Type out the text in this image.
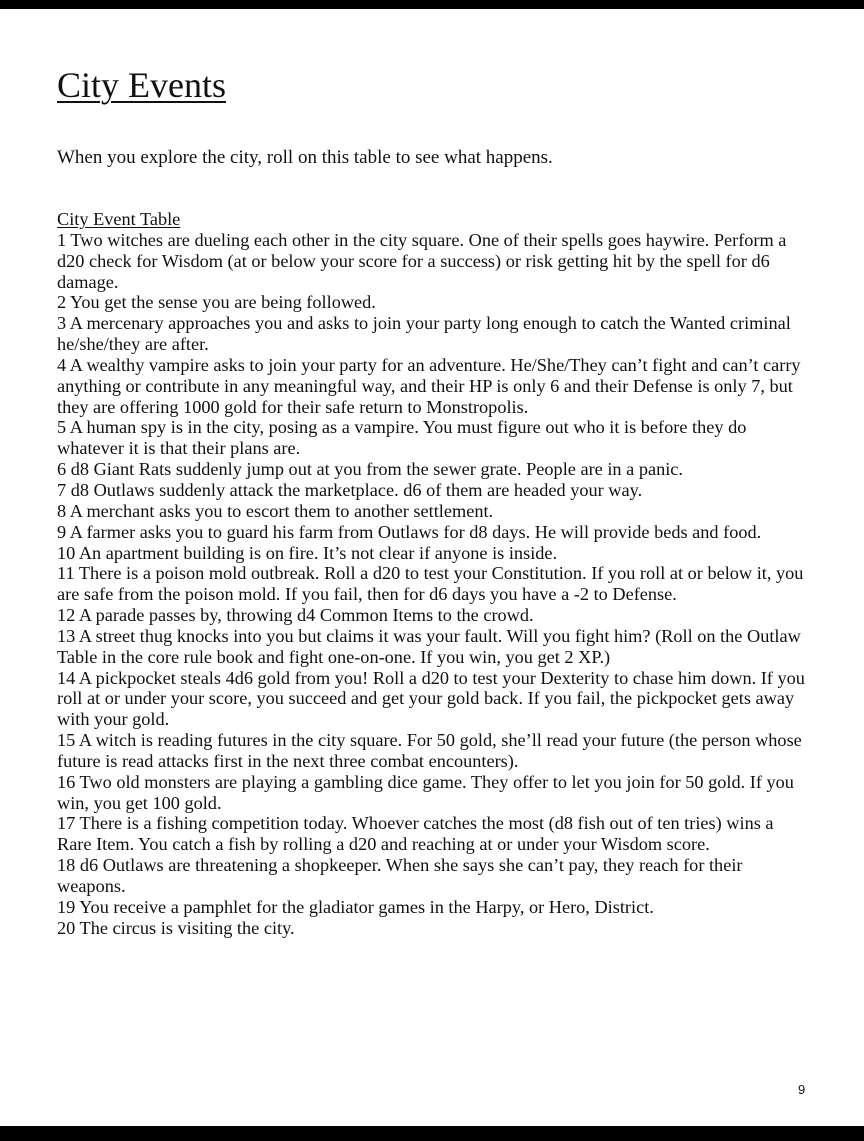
City Events

When you explore the city, roll on this table to see what happens.

City Event Table

1 Two witches are dueling each other in the city square. One of their spells goes haywire. Perform a d20 check for Wisdom (at or below your score for a success) or risk getting hit by the spell for d6 damage.

2 You get the sense you are being followed.

3 A mercenary approaches you and asks to join your party long enough to catch the Wanted criminal he/she/they are after.

4 A wealthy vampire asks to join your party for an adventure. He/She/They can’t fight and can’t carry anything or contribute in any meaningful way, and their HP is only 6 and their Defense is only 7, but they are offering 1000 gold for their safe return to Monstropolis.

5 A human spy is in the city, posing as a vampire. You must figure out who it is before they do whatever it is that their plans are.

6 d8 Giant Rats suddenly jump out at you from the sewer grate. People are in a panic.

7 d8 Outlaws suddenly attack the marketplace. d6 of them are headed your way.

8 A merchant asks you to escort them to another settlement.

9 A farmer asks you to guard his farm from Outlaws for d8 days. He will provide beds and food.

10 An apartment building is on fire. It’s not clear if anyone is inside.

11 There is a poison mold outbreak. Roll a d20 to test your Constitution. If you roll at or below it, you are safe from the poison mold. If you fail, then for d6 days you have a -2 to Defense.

12 A parade passes by, throwing d4 Common Items to the crowd.

13 A street thug knocks into you but claims it was your fault. Will you fight him? (Roll on the Outlaw Table in the core rule book and fight one-on-one. If you win, you get 2 XP.)

14 A pickpocket steals 4d6 gold from you! Roll a d20 to test your Dexterity to chase him down. If you roll at or under your score, you succeed and get your gold back. If you fail, the pickpocket gets away with your gold.

15 A witch is reading futures in the city square. For 50 gold, she’ll read your future (the person whose future is read attacks first in the next three combat encounters).

16 Two old monsters are playing a gambling dice game. They offer to let you join for 50 gold. If you win, you get 100 gold.

17 There is a fishing competition today. Whoever catches the most (d8 fish out of ten tries) wins a Rare Item. You catch a fish by rolling a d20 and reaching at or under your Wisdom score.

18 d6 Outlaws are threatening a shopkeeper. When she says she can’t pay, they reach for their weapons.

19 You receive a pamphlet for the gladiator games in the Harpy, or Hero, District.

20 The circus is visiting the city.

9
